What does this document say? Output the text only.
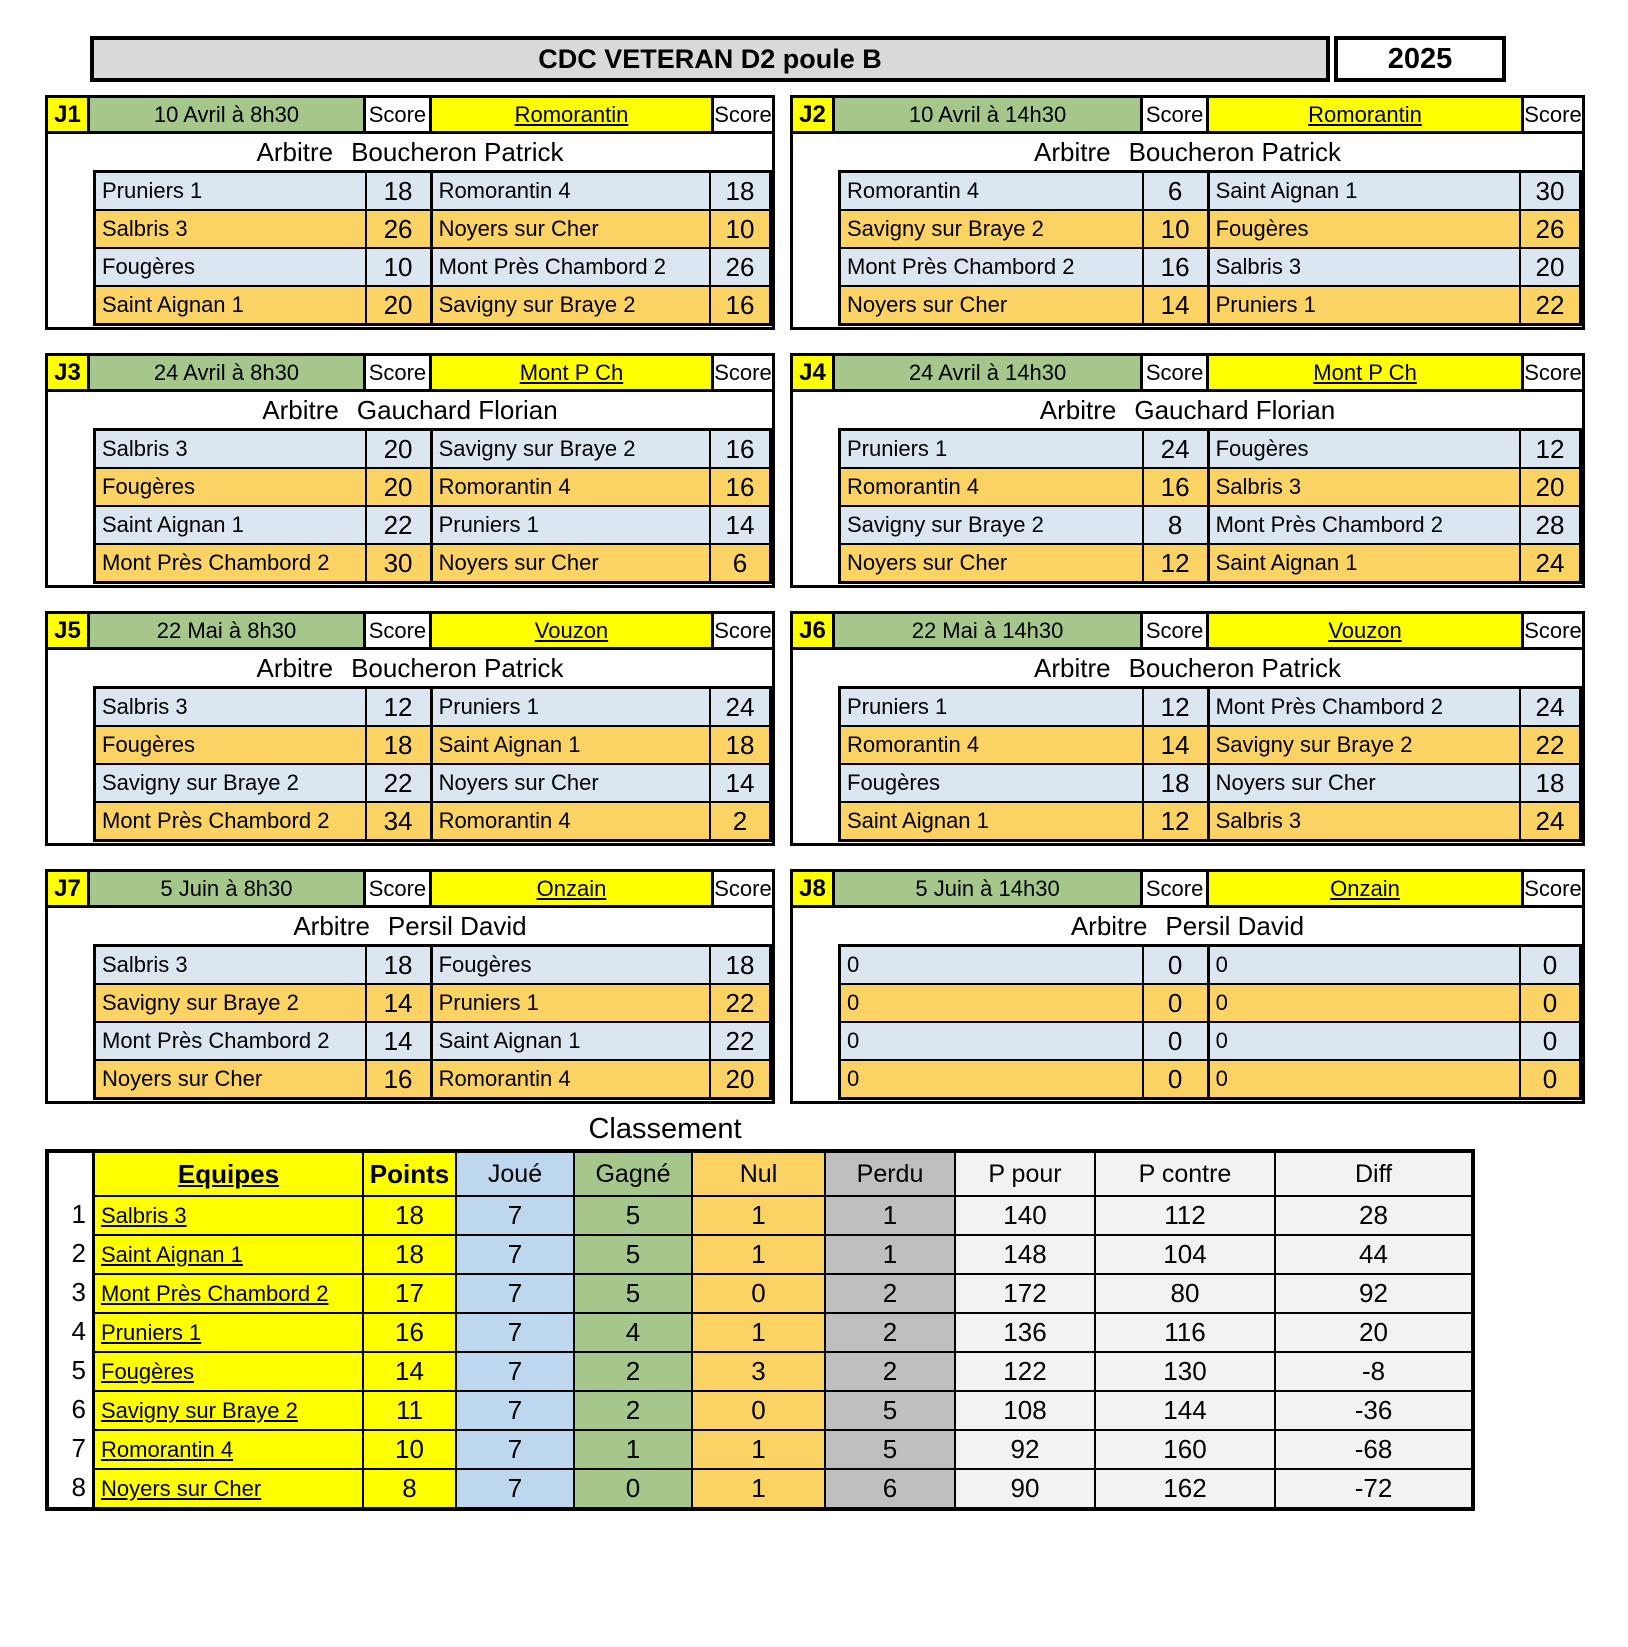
CDC VETERAN D2 poule B	2025
J1	10 Avril à 8h30	Score	Romorantin	Score
Arbitre Boucheron Patrick
Pruniers 1	18	Romorantin 4	18
Salbris 3	26	Noyers sur Cher	10
Fougères	10	Mont Près Chambord 2	26
Saint Aignan 1	20	Savigny sur Braye 2	16
J2	10 Avril à 14h30	Score	Romorantin	Score
Arbitre Boucheron Patrick
Romorantin 4	6	Saint Aignan 1	30
Savigny sur Braye 2	10	Fougères	26
Mont Près Chambord 2	16	Salbris 3	20
Noyers sur Cher	14	Pruniers 1	22
J3	24 Avril à 8h30	Score	Mont P Ch	Score
Arbitre Gauchard Florian
Salbris 3	20	Savigny sur Braye 2	16
Fougères	20	Romorantin 4	16
Saint Aignan 1	22	Pruniers 1	14
Mont Près Chambord 2	30	Noyers sur Cher	6
J4	24 Avril à 14h30	Score	Mont P Ch	Score
Arbitre Gauchard Florian
Pruniers 1	24	Fougères	12
Romorantin 4	16	Salbris 3	20
Savigny sur Braye 2	8	Mont Près Chambord 2	28
Noyers sur Cher	12	Saint Aignan 1	24
J5	22 Mai à 8h30	Score	Vouzon	Score
Arbitre Boucheron Patrick
Salbris 3	12	Pruniers 1	24
Fougères	18	Saint Aignan 1	18
Savigny sur Braye 2	22	Noyers sur Cher	14
Mont Près Chambord 2	34	Romorantin 4	2
J6	22 Mai à 14h30	Score	Vouzon	Score
Arbitre Boucheron Patrick
Pruniers 1	12	Mont Près Chambord 2	24
Romorantin 4	14	Savigny sur Braye 2	22
Fougères	18	Noyers sur Cher	18
Saint Aignan 1	12	Salbris 3	24
J7	5 Juin à 8h30	Score	Onzain	Score
Arbitre Persil David
Salbris 3	18	Fougères	18
Savigny sur Braye 2	14	Pruniers 1	22
Mont Près Chambord 2	14	Saint Aignan 1	22
Noyers sur Cher	16	Romorantin 4	20
J8	5 Juin à 14h30	Score	Onzain	Score
Arbitre Persil David
0	0	0	0
0	0	0	0
0	0	0	0
0	0	0	0
Classement
Equipes	Points	Joué	Gagné	Nul	Perdu	P pour	P contre	Diff
1 Salbris 3	18	7	5	1	1	140	112	28
2 Saint Aignan 1	18	7	5	1	1	148	104	44
3 Mont Près Chambord 2	17	7	5	0	2	172	80	92
4 Pruniers 1	16	7	4	1	2	136	116	20
5 Fougères	14	7	2	3	2	122	130	-8
6 Savigny sur Braye 2	11	7	2	0	5	108	144	-36
7 Romorantin 4	10	7	1	1	5	92	160	-68
8 Noyers sur Cher	8	7	0	1	6	90	162	-72
